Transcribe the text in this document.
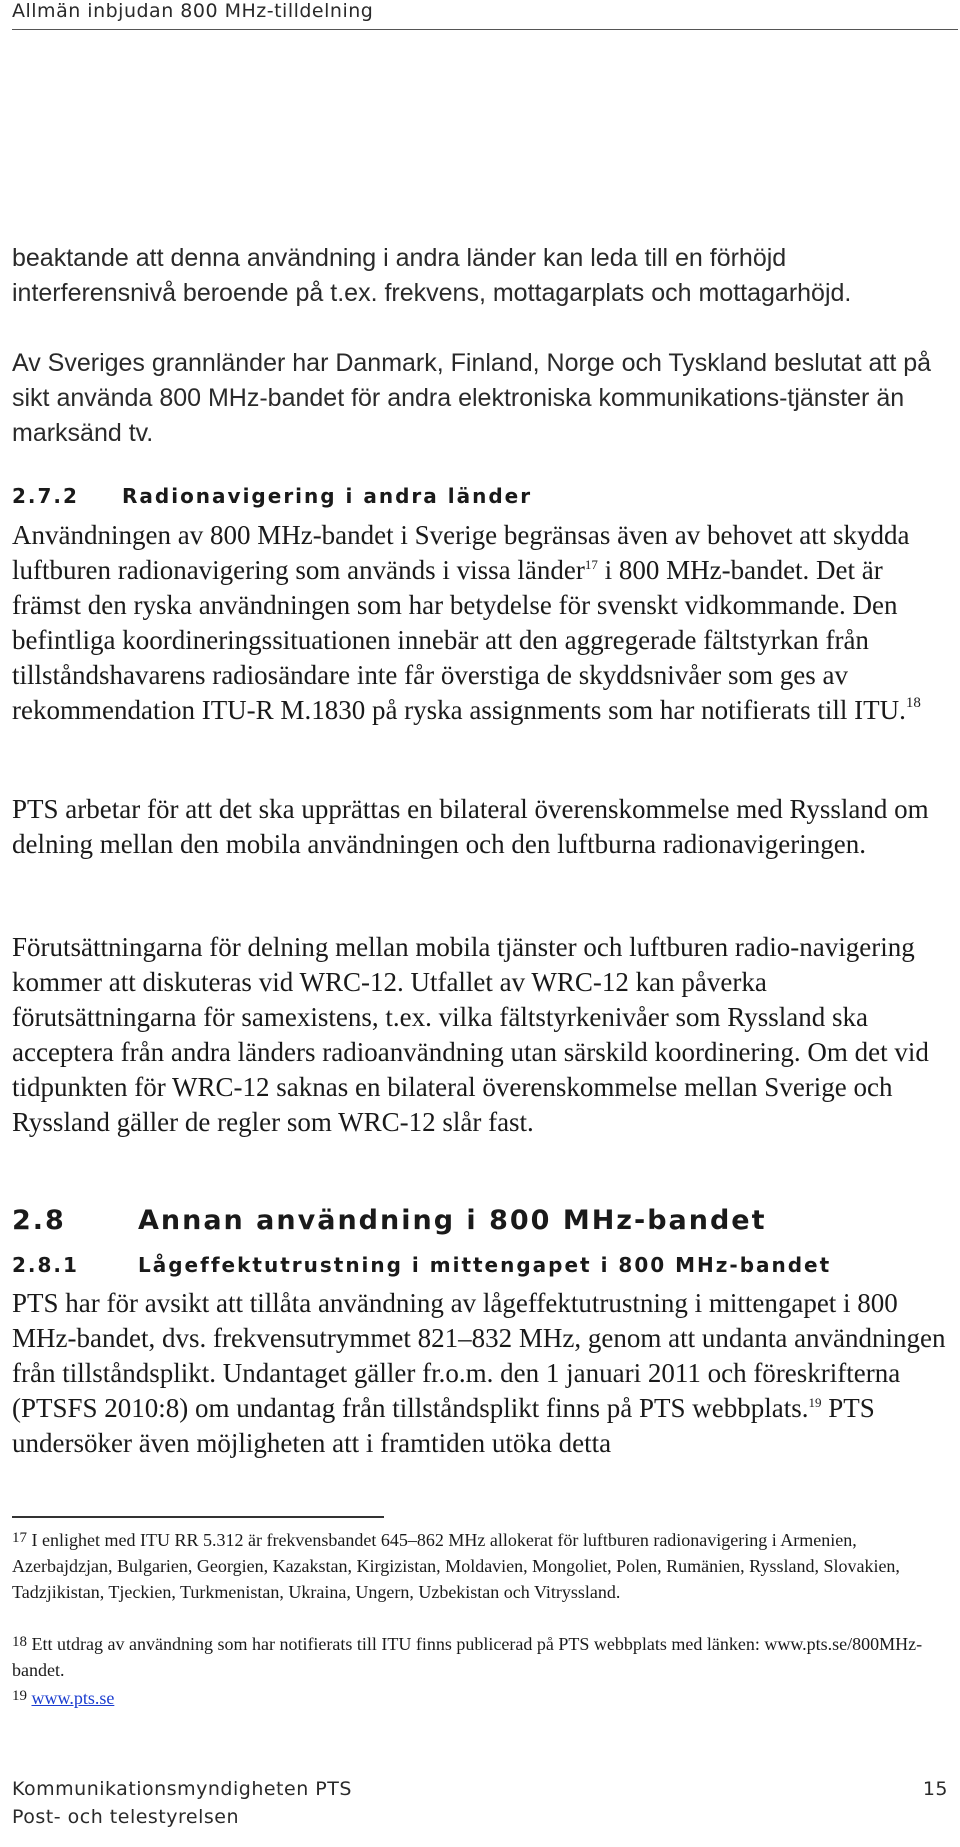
Allmän inbjudan 800 MHz-tilldelning

beaktande att denna användning i andra länder kan leda till en förhöjd interferensnivå beroende på t.ex. frekvens, mottagarplats och mottagarhöjd.

Av Sveriges grannländer har Danmark, Finland, Norge och Tyskland beslutat att på sikt använda 800 MHz-bandet för andra elektroniska kommunikations-tjänster än marksänd tv.

2.7.2 Radionavigering i andra länder

Användningen av 800 MHz-bandet i Sverige begränsas även av behovet att skydda luftburen radionavigering som används i vissa länder$^{17}$ i 800 MHz-bandet. Det är främst den ryska användningen som har betydelse för svenskt vidkommande. Den befintliga koordineringssituationen innebär att den aggregerade fältstyrkan från tillståndshavarens radiosändare inte får överstiga de skyddsnivåer som ges av rekommendation ITU-R M.1830 på ryska assignments som har notifierats till ITU.$^{18}$

PTS arbetar för att det ska upprättas en bilateral överenskommelse med Ryssland om delning mellan den mobila användningen och den luftburna radionavigeringen.

Förutsättningarna för delning mellan mobila tjänster och luftburen radio-navigering kommer att diskuteras vid WRC-12. Utfallet av WRC-12 kan påverka förutsättningarna för samexistens, t.ex. vilka fältstyrkenivåer som Ryssland ska acceptera från andra länders radioanvändning utan särskild koordinering. Om det vid tidpunkten för WRC-12 saknas en bilateral överenskommelse mellan Sverige och Ryssland gäller de regler som WRC-12 slår fast.

2.8	Annan användning i 800 MHz-bandet
2.8.1	Lågeffektutrustning i mittengapet i 800 MHz-bandet

PTS har för avsikt att tillåta användning av lågeffektutrustning i mittengapet i 800 MHz-bandet, dvs. frekvensutrymmet 821–832 MHz, genom att undanta användningen från tillståndsplikt. Undantaget gäller fr.o.m. den 1 januari 2011 och föreskrifterna (PTSFS 2010:8) om undantag från tillståndsplikt finns på PTS webbplats.$^{19}$ PTS undersöker även möjligheten att i framtiden utöka detta

$^{17}$ I enlighet med ITU RR 5.312 är frekvensbandet 645–862 MHz allokerat för luftburen radionavigering i Armenien, Azerbajdzjan, Bulgarien, Georgien, Kazakstan, Kirgizistan, Moldavien, Mongoliet, Polen, Rumänien, Ryssland, Slovakien, Tadzjikistan, Tjeckien, Turkmenistan, Ukraina, Ungern, Uzbekistan och Vitryssland.

$^{18}$ Ett utdrag av användning som har notifierats till ITU finns publicerad på PTS webbplats med länken: www.pts.se/800MHz-bandet.

$^{19}$ www.pts.se

Kommunikationsmyndigheten PTS	15
Post- och telestyrelsen
